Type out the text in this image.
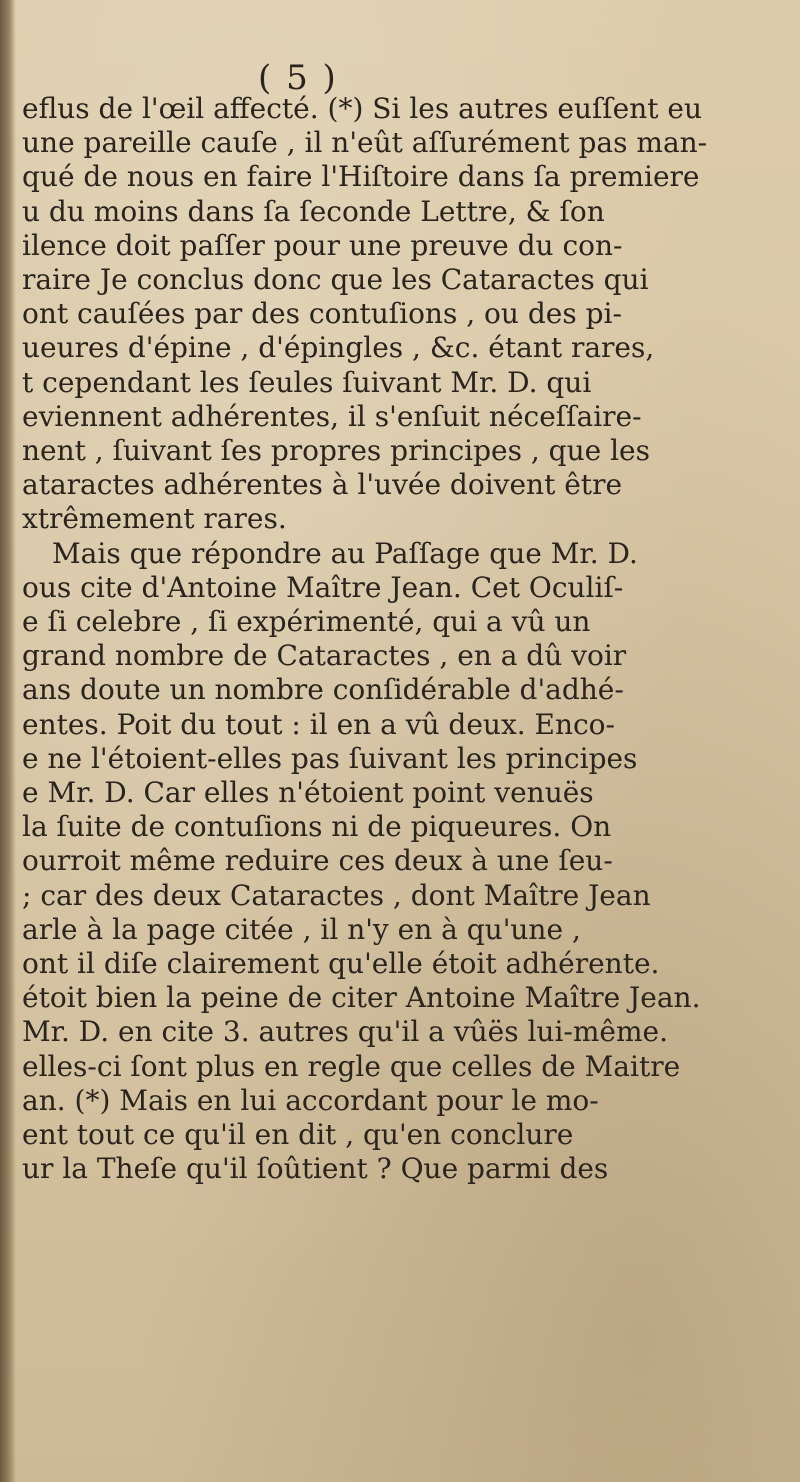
( 5 )
eflus de l'œil affecté. (*) Si les autres euſſent eu
une pareille cauſe , il n'eût aſſurément pas man-
qué de nous en faire l'Hiſtoire dans ſa premiere
u du moins dans ſa ſeconde Lettre, & ſon
ilence doit paſſer pour une preuve du con-
raire Je conclus donc que les Cataractes qui
ont cauſées par des contuſions , ou des pi-
ueures d'épine , d'épingles , &c. étant rares,
t cependant les ſeules ſuivant Mr. D. qui
eviennent adhérentes, il s'enſuit néceſſaire-
nent , ſuivant ſes propres principes , que les
ataractes adhérentes à l'uvée doivent être
xtrêmement rares.
Mais que répondre au Paſſage que Mr. D.
ous cite d'Antoine Maître Jean. Cet Oculiſ-
e ſi celebre , ſi expérimenté, qui a vû un
grand nombre de Cataractes , en a dû voir
ans doute un nombre conſidérable d'adhé-
entes. Poit du tout : il en a vû deux. Enco-
e ne l'étoient-elles pas ſuivant les principes
e Mr. D. Car elles n'étoient point venuës
la ſuite de contuſions ni de piqueures. On
ourroit même reduire ces deux à une ſeu-
; car des deux Cataractes , dont Maître Jean
arle à la page citée , il n'y en à qu'une ,
ont il diſe clairement qu'elle étoit adhérente.
étoit bien la peine de citer Antoine Maître Jean.
Mr. D. en cite 3. autres qu'il a vûës lui-même.
elles-ci ſont plus en regle que celles de Maitre
an. (*) Mais en lui accordant pour le mo-
ent tout ce qu'il en dit , qu'en conclure
ur la Theſe qu'il ſoûtient ? Que parmi des
